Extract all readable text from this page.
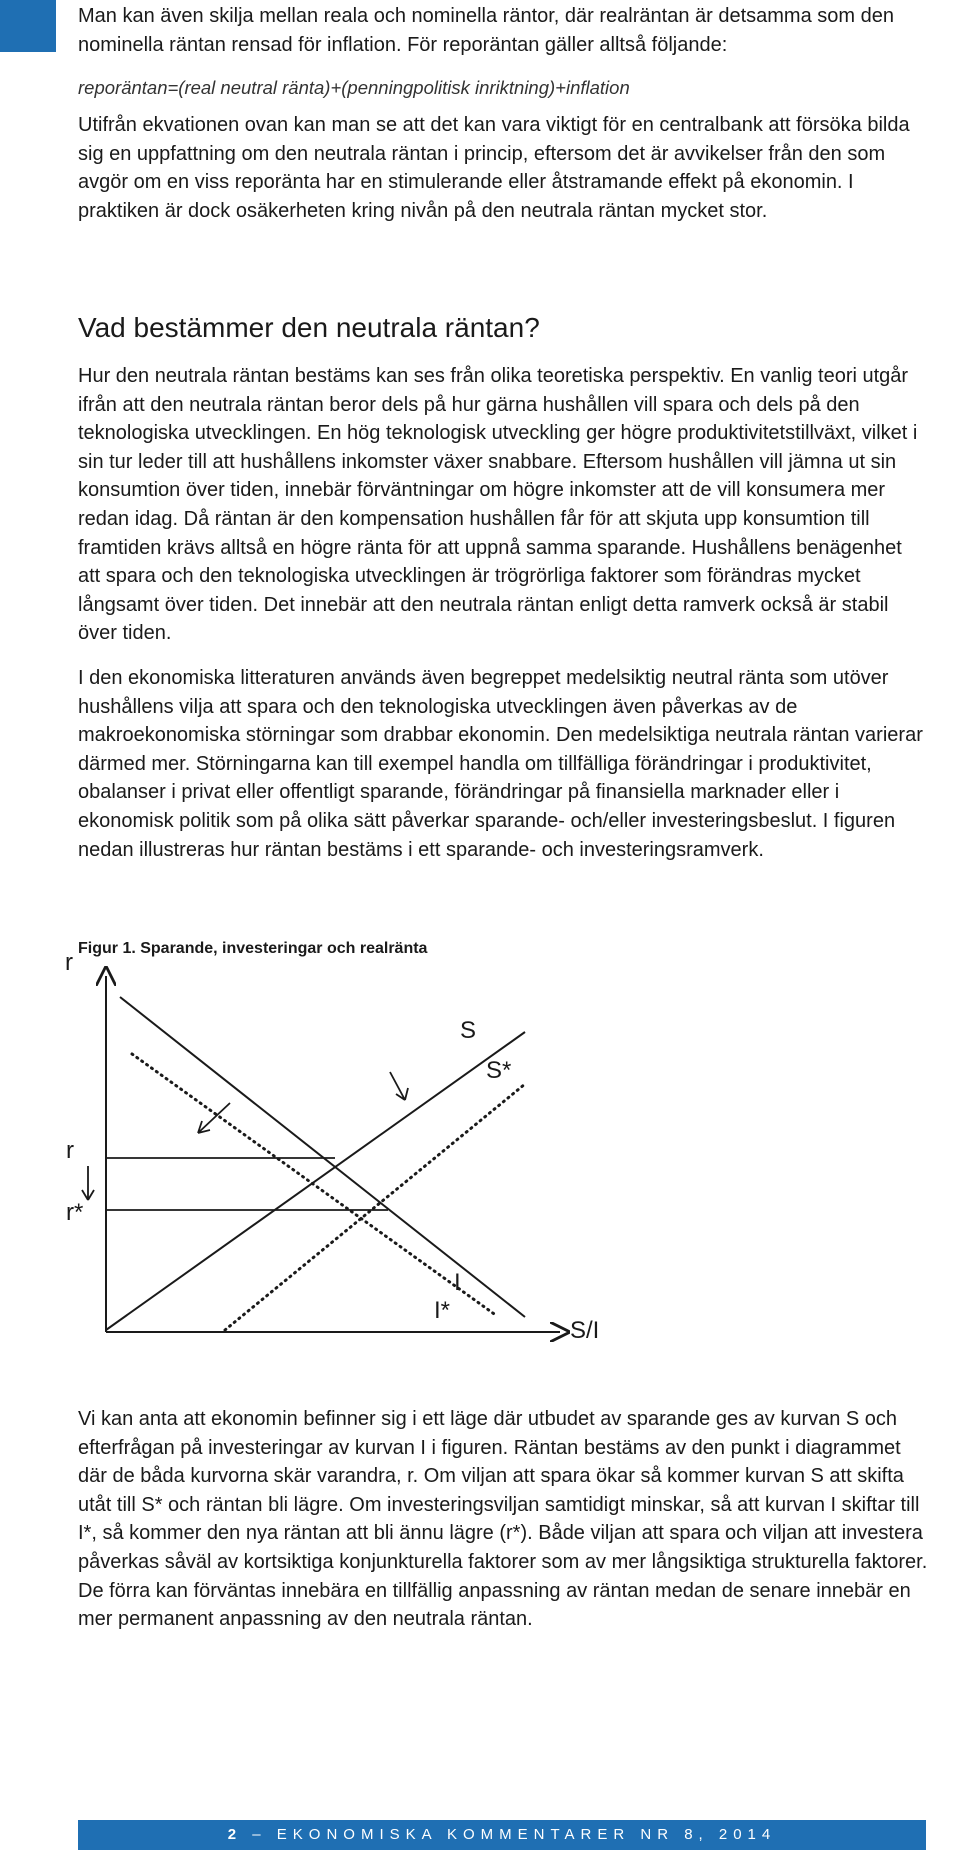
Man kan även skilja mellan reala och nominella räntor, där realräntan är detsamma som den nominella räntan rensad för inflation. För reporäntan gäller alltså följande:

reporäntan=(real neutral ränta)+(penningpolitisk inriktning)+inflation

Utifrån ekvationen ovan kan man se att det kan vara viktigt för en centralbank att försöka bilda sig en uppfattning om den neutrala räntan i princip, eftersom det är avvikelser från den som avgör om en viss reporänta har en stimulerande eller åtstramande effekt på ekonomin. I praktiken är dock osäkerheten kring nivån på den neutrala räntan mycket stor.

Vad bestämmer den neutrala räntan?

Hur den neutrala räntan bestäms kan ses från olika teoretiska perspektiv. En vanlig teori utgår ifrån att den neutrala räntan beror dels på hur gärna hushållen vill spara och dels på den teknologiska utvecklingen. En hög teknologisk utveckling ger högre produktivitetstillväxt, vilket i sin tur leder till att hushållens inkomster växer snabbare. Eftersom hushållen vill jämna ut sin konsumtion över tiden, innebär förväntningar om högre inkomster att de vill konsumera mer redan idag. Då räntan är den kompensation hushållen får för att skjuta upp konsumtion till framtiden krävs alltså en högre ränta för att uppnå samma sparande. Hushållens benägenhet att spara och den teknologiska utvecklingen är trögrörliga faktorer som förändras mycket långsamt över tiden. Det innebär att den neutrala räntan enligt detta ramverk också är stabil över tiden.

I den ekonomiska litteraturen används även begreppet medelsiktig neutral ränta som utöver hushållens vilja att spara och den teknologiska utvecklingen även påverkas av de makroekonomiska störningar som drabbar ekonomin. Den medelsiktiga neutrala räntan varierar därmed mer. Störningarna kan till exempel handla om tillfälliga förändringar i produktivitet, obalanser i privat eller offentligt sparande, förändringar på finansiella marknader eller i ekonomisk politik som på olika sätt påverkar sparande- och/eller investeringsbeslut. I figuren nedan illustreras hur räntan bestäms i ett sparande- och investeringsramverk.

Figur 1. Sparande, investeringar och realränta
r
S/I
S
S*
I
I*
r
r*

Vi kan anta att ekonomin befinner sig i ett läge där utbudet av sparande ges av kurvan S och efterfrågan på investeringar av kurvan I i figuren. Räntan bestäms av den punkt i diagrammet där de båda kurvorna skär varandra, r. Om viljan att spara ökar så kommer kurvan S att skifta utåt till S* och räntan bli lägre. Om investeringsviljan samtidigt minskar, så att kurvan I skiftar till I*, så kommer den nya räntan att bli ännu lägre (r*). Både viljan att spara och viljan att investera påverkas såväl av kortsiktiga konjunkturella faktorer som av mer långsiktiga strukturella faktorer. De förra kan förväntas innebära en tillfällig anpassning av räntan medan de senare innebär en mer permanent anpassning av den neutrala räntan.

2 – EKONOMISKA KOMMENTARER NR 8, 2014
